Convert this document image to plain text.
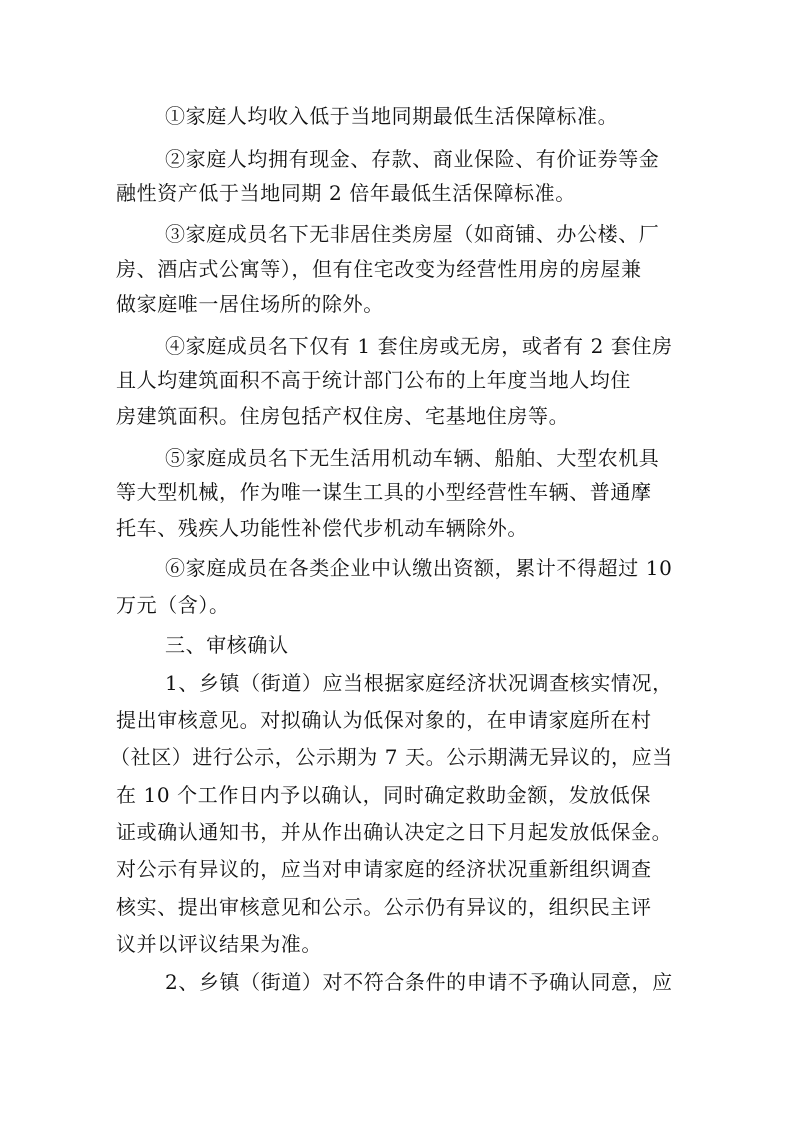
①家庭人均收入低于当地同期最低生活保障标准。
②家庭人均拥有现金、存款、商业保险、有价证券等金
融性资产低于当地同期 2 倍年最低生活保障标准。
③家庭成员名下无非居住类房屋（如商铺、办公楼、厂
房、酒店式公寓等），但有住宅改变为经营性用房的房屋兼
做家庭唯一居住场所的除外。
④家庭成员名下仅有 1 套住房或无房，或者有 2 套住房
且人均建筑面积不高于统计部门公布的上年度当地人均住
房建筑面积。住房包括产权住房、宅基地住房等。
⑤家庭成员名下无生活用机动车辆、船舶、大型农机具
等大型机械，作为唯一谋生工具的小型经营性车辆、普通摩
托车、残疾人功能性补偿代步机动车辆除外。
⑥家庭成员在各类企业中认缴出资额，累计不得超过 10
万元（含）。
三、审核确认
1、乡镇（街道）应当根据家庭经济状况调查核实情况，
提出审核意见。对拟确认为低保对象的，在申请家庭所在村
（社区）进行公示，公示期为 7 天。公示期满无异议的，应当
在 10 个工作日内予以确认，同时确定救助金额，发放低保
证或确认通知书，并从作出确认决定之日下月起发放低保金。
对公示有异议的，应当对申请家庭的经济状况重新组织调查
核实、提出审核意见和公示。公示仍有异议的，组织民主评
议并以评议结果为准。
2、乡镇（街道）对不符合条件的申请不予确认同意，应
